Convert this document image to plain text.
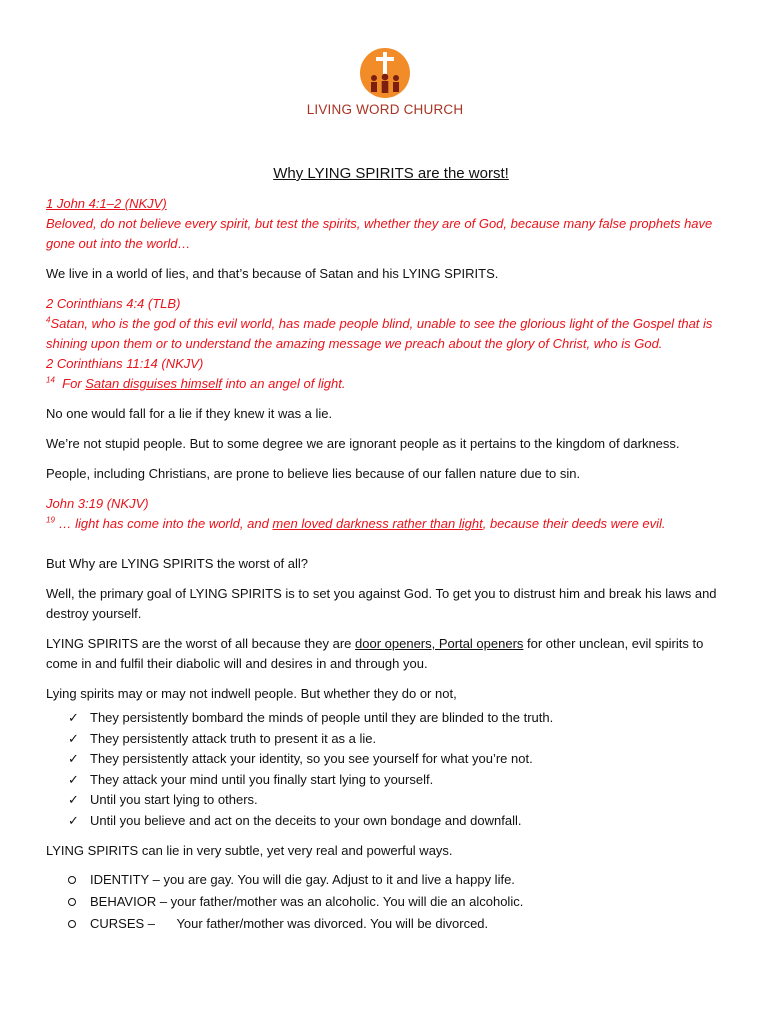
LIVING WORD CHURCH
Why LYING SPIRITS are the worst!

1 John 4:1–2 (NKJV)

Beloved, do not believe every spirit, but test the spirits, whether they are of God, because many false prophets have gone out into the world…

We live in a world of lies, and that’s because of Satan and his LYING SPIRITS.

2 Corinthians 4:4 (TLB)

$^4$Satan, who is the god of this evil world, has made people blind, unable to see the glorious light of the Gospel that is shining upon them or to understand the amazing message we preach about the glory of Christ, who is God.

2 Corinthians 11:14 (NKJV)

$^{14}$ For Satan disguises himself into an angel of light.

No one would fall for a lie if they knew it was a lie.

We’re not stupid people. But to some degree we are ignorant people as it pertains to the kingdom of darkness.

People, including Christians, are prone to believe lies because of our fallen nature due to sin.

John 3:19 (NKJV)

$^{19}$ … light has come into the world, and men loved darkness rather than light, because their deeds were evil.

But Why are LYING SPIRITS the worst of all?

Well, the primary goal of LYING SPIRITS is to set you against God. To get you to distrust him and break his laws and destroy yourself.

LYING SPIRITS are the worst of all because they are door openers, Portal openers for other unclean, evil spirits to come in and fulfil their diabolic will and desires in and through you.

Lying spirits may or may not indwell people. But whether they do or not,

✓ They persistently bombard the minds of people until they are blinded to the truth.
✓ They persistently attack truth to present it as a lie.
✓ They persistently attack your identity, so you see yourself for what you’re not.
✓ They attack your mind until you finally start lying to yourself.
✓ Until you start lying to others.
✓ Until you believe and act on the deceits to your own bondage and downfall.

LYING SPIRITS can lie in very subtle, yet very real and powerful ways.

IDENTITY – you are gay. You will die gay. Adjust to it and live a happy life.
BEHAVIOR – your father/mother was an alcoholic. You will die an alcoholic.
CURSES –      Your father/mother was divorced. You will be divorced.
